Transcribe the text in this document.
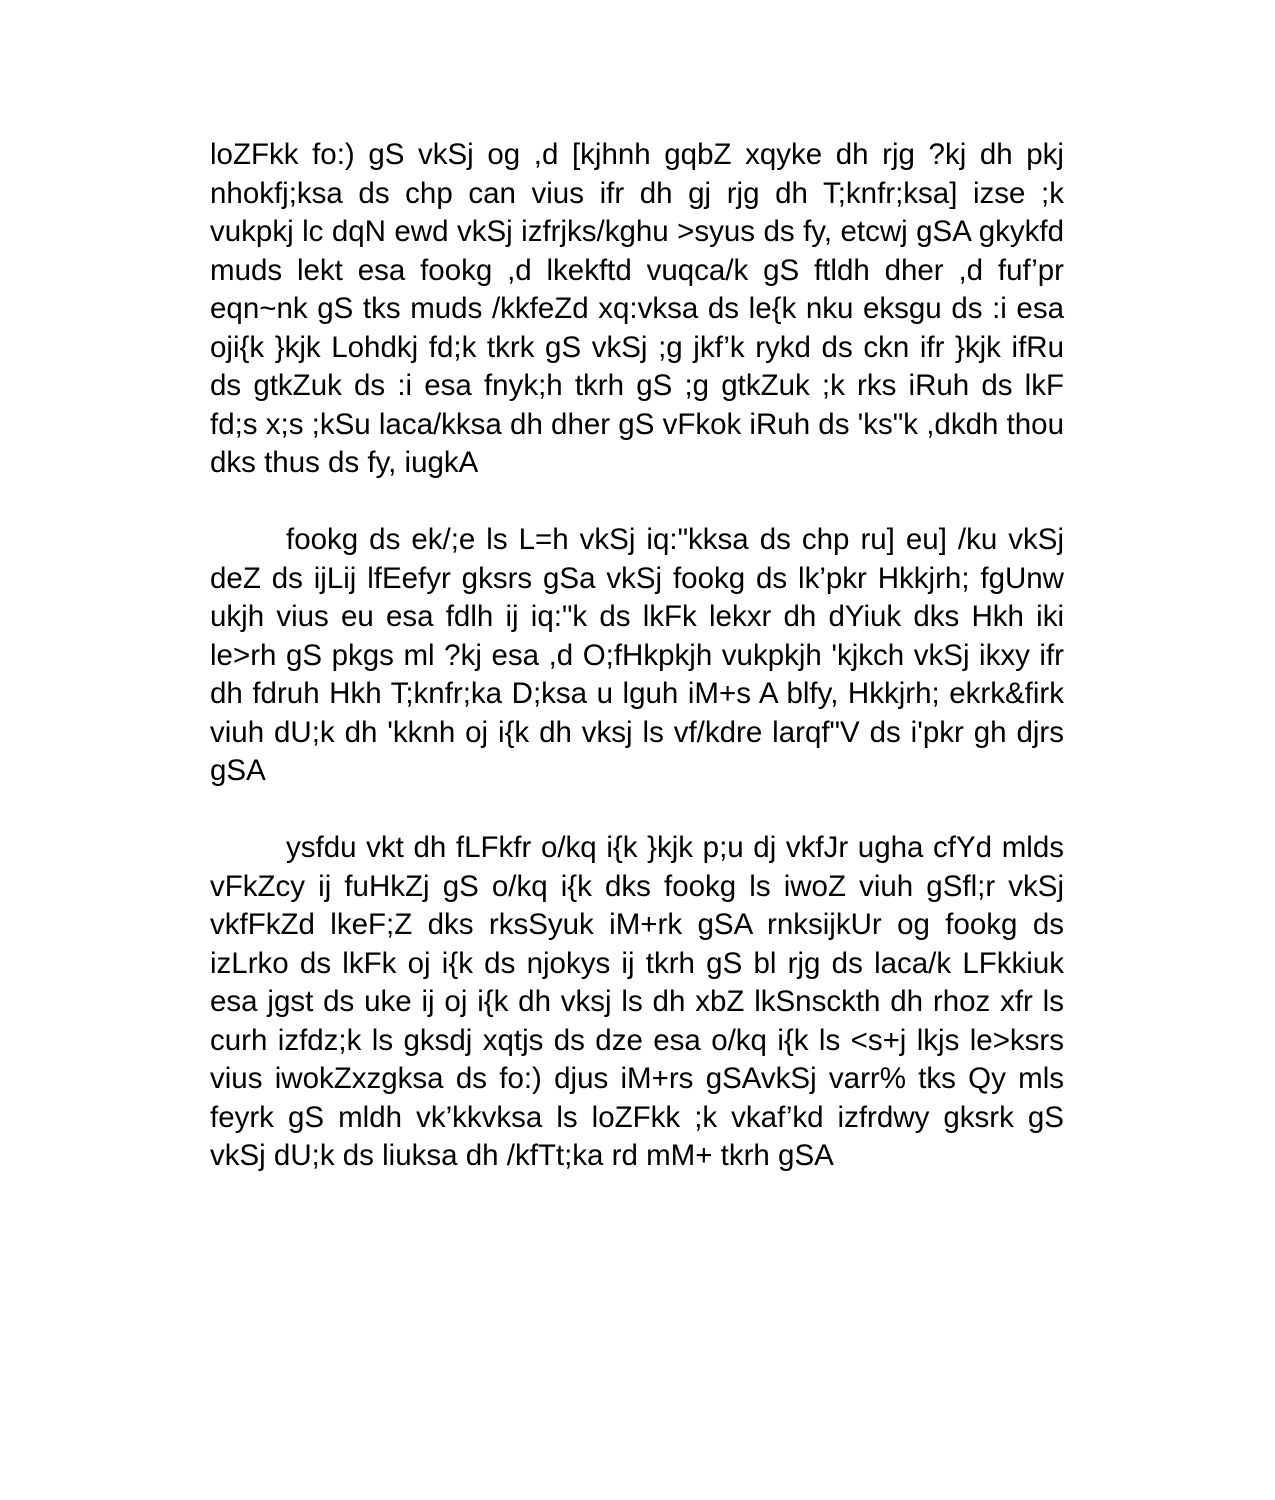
loZFkk fo:) gS vkSj og ,d [kjhnh gqbZ xqyke dh rjg ?kj dh pkj nhokfj;ksa ds chp can vius ifr dh gj rjg dh T;knfr;ksa] izse ;k vukpkj lc dqN ewd vkSj izfrjks/kghu >syus ds fy, etcwj gSA gkykfd muds lekt esa fookg ,d lkekftd vuqca/k gS ftldh dher ,d fuf’pr eqn~nk gS tks muds /kkfeZd xq:vksa ds le{k nku eksgu ds :i esa oji{k }kjk Lohdkj fd;k tkrk gS vkSj ;g jkf’k rykd ds ckn ifr }kjk ifRu ds gtkZuk ds :i esa fnyk;h tkrh gS ;g gtkZuk ;k rks iRuh ds lkF fd;s x;s ;kSu laca/kksa dh dher gS vFkok iRuh ds 'ks"k ,dkdh thou dks thus ds fy, iugkA

fookg ds ek/;e ls L=h vkSj iq:"kksa ds chp ru] eu] /ku vkSj deZ ds ijLij lfEefyr gksrs gSa vkSj fookg ds lk’pkr Hkkjrh; fgUnw ukjh vius eu esa fdlh ij iq:"k ds lkFk lekxr dh dYiuk dks Hkh iki le>rh gS pkgs ml ?kj esa ,d O;fHkpkjh vukpkjh 'kjkch vkSj ikxy ifr dh fdruh Hkh T;knfr;ka D;ksa u lguh iM+s A blfy, Hkkjrh; ekrk&firk viuh dU;k dh 'kknh oj i{k dh vksj ls vf/kdre larqf"V ds i'pkr gh djrs gSA

ysfdu vkt dh fLFkfr o/kq i{k }kjk p;u dj vkfJr ugha cfYd mlds vFkZcy ij fuHkZj gS o/kq i{k dks fookg ls iwoZ viuh gSfl;r vkSj vkfFkZd lkeF;Z dks rksSyuk iM+rk gSA rnksijkUr og fookg ds izLrko ds lkFk oj i{k ds njokys ij tkrh gS bl rjg ds laca/k LFkkiuk esa jgst ds uke ij oj i{k dh vksj ls dh xbZ lkSnsckth dh rhoz xfr ls curh izfdz;k ls gksdj xqtjs ds dze esa o/kq i{k ls <s+j lkjs le>ksrs vius iwokZxzgksa ds fo:) djus iM+rs gSAvkSj varr% tks Qy mls feyrk gS mldh vk’kkvksa ls loZFkk ;k vkaf’kd izfrdwy gksrk gS vkSj dU;k ds liuksa dh /kfTt;ka rd mM+ tkrh gSA
